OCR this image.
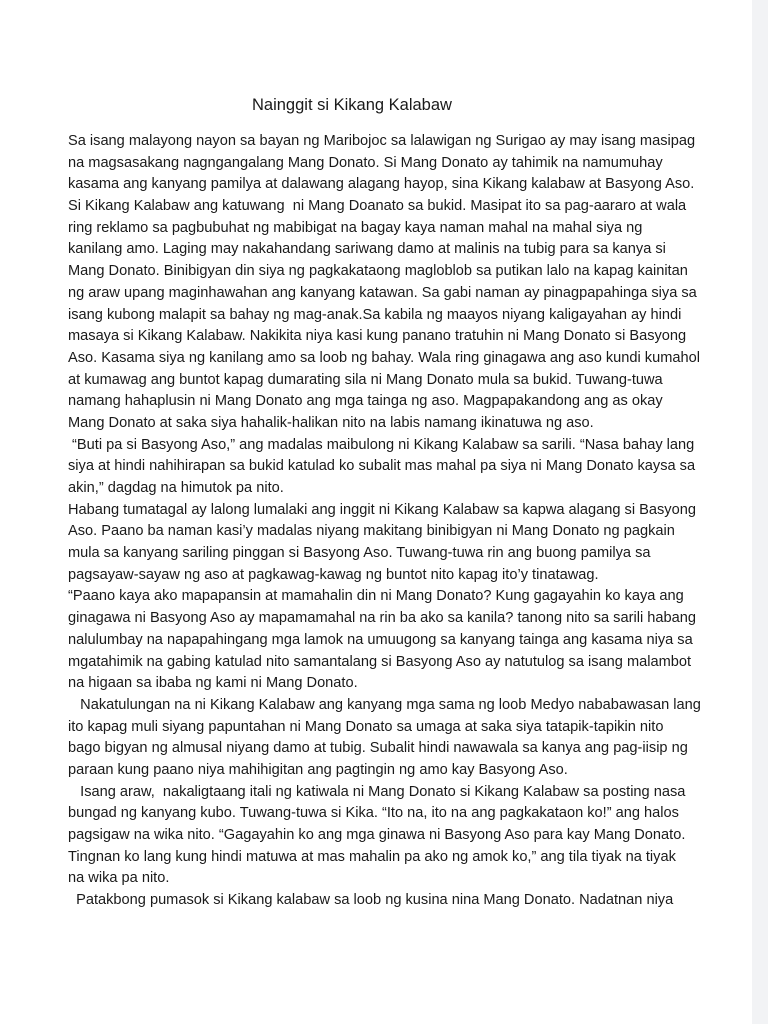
Nainggit si Kikang Kalabaw
Sa isang malayong nayon sa bayan ng Maribojoc sa lalawigan ng Surigao ay may isang masipag
na magsasakang nagngangalang Mang Donato. Si Mang Donato ay tahimik na namumuhay
kasama ang kanyang pamilya at dalawang alagang hayop, sina Kikang kalabaw at Basyong Aso.
Si Kikang Kalabaw ang katuwang  ni Mang Doanato sa bukid. Masipat ito sa pag-aararo at wala
ring reklamo sa pagbubuhat ng mabibigat na bagay kaya naman mahal na mahal siya ng
kanilang amo. Laging may nakahandang sariwang damo at malinis na tubig para sa kanya si
Mang Donato. Binibigyan din siya ng pagkakataong magloblob sa putikan lalo na kapag kainitan
ng araw upang maginhawahan ang kanyang katawan. Sa gabi naman ay pinagpapahinga siya sa
isang kubong malapit sa bahay ng mag-anak.Sa kabila ng maayos niyang kaligayahan ay hindi
masaya si Kikang Kalabaw. Nakikita niya kasi kung panano tratuhin ni Mang Donato si Basyong
Aso. Kasama siya ng kanilang amo sa loob ng bahay. Wala ring ginagawa ang aso kundi kumahol
at kumawag ang buntot kapag dumarating sila ni Mang Donato mula sa bukid. Tuwang-tuwa
namang hahaplusin ni Mang Donato ang mga tainga ng aso. Magpapakandong ang as okay
Mang Donato at saka siya hahalik-halikan nito na labis namang ikinatuwa ng aso.
“Buti pa si Basyong Aso,” ang madalas maibulong ni Kikang Kalabaw sa sarili. “Nasa bahay lang
siya at hindi nahihirapan sa bukid katulad ko subalit mas mahal pa siya ni Mang Donato kaysa sa
akin,” dagdag na himutok pa nito.
Habang tumatagal ay lalong lumalaki ang inggit ni Kikang Kalabaw sa kapwa alagang si Basyong
Aso. Paano ba naman kasi’y madalas niyang makitang binibigyan ni Mang Donato ng pagkain
mula sa kanyang sariling pinggan si Basyong Aso. Tuwang-tuwa rin ang buong pamilya sa
pagsayaw-sayaw ng aso at pagkawag-kawag ng buntot nito kapag ito’y tinatawag.
“Paano kaya ako mapapansin at mamahalin din ni Mang Donato? Kung gagayahin ko kaya ang
ginagawa ni Basyong Aso ay mapamamahal na rin ba ako sa kanila? tanong nito sa sarili habang
nalulumbay na napapahingang mga lamok na umuugong sa kanyang tainga ang kasama niya sa
mgatahimik na gabing katulad nito samantalang si Basyong Aso ay natutulog sa isang malambot
na higaan sa ibaba ng kami ni Mang Donato.
Nakatulungan na ni Kikang Kalabaw ang kanyang mga sama ng loob Medyo nababawasan lang
ito kapag muli siyang papuntahan ni Mang Donato sa umaga at saka siya tatapik-tapikin nito
bago bigyan ng almusal niyang damo at tubig. Subalit hindi nawawala sa kanya ang pag-iisip ng
paraan kung paano niya mahihigitan ang pagtingin ng amo kay Basyong Aso.
Isang araw,  nakaligtaang itali ng katiwala ni Mang Donato si Kikang Kalabaw sa posting nasa
bungad ng kanyang kubo. Tuwang-tuwa si Kika. “Ito na, ito na ang pagkakataon ko!” ang halos
pagsigaw na wika nito. “Gagayahin ko ang mga ginawa ni Basyong Aso para kay Mang Donato.
Tingnan ko lang kung hindi matuwa at mas mahalin pa ako ng amok ko,” ang tila tiyak na tiyak
na wika pa nito.
Patakbong pumasok si Kikang kalabaw sa loob ng kusina nina Mang Donato. Nadatnan niya
